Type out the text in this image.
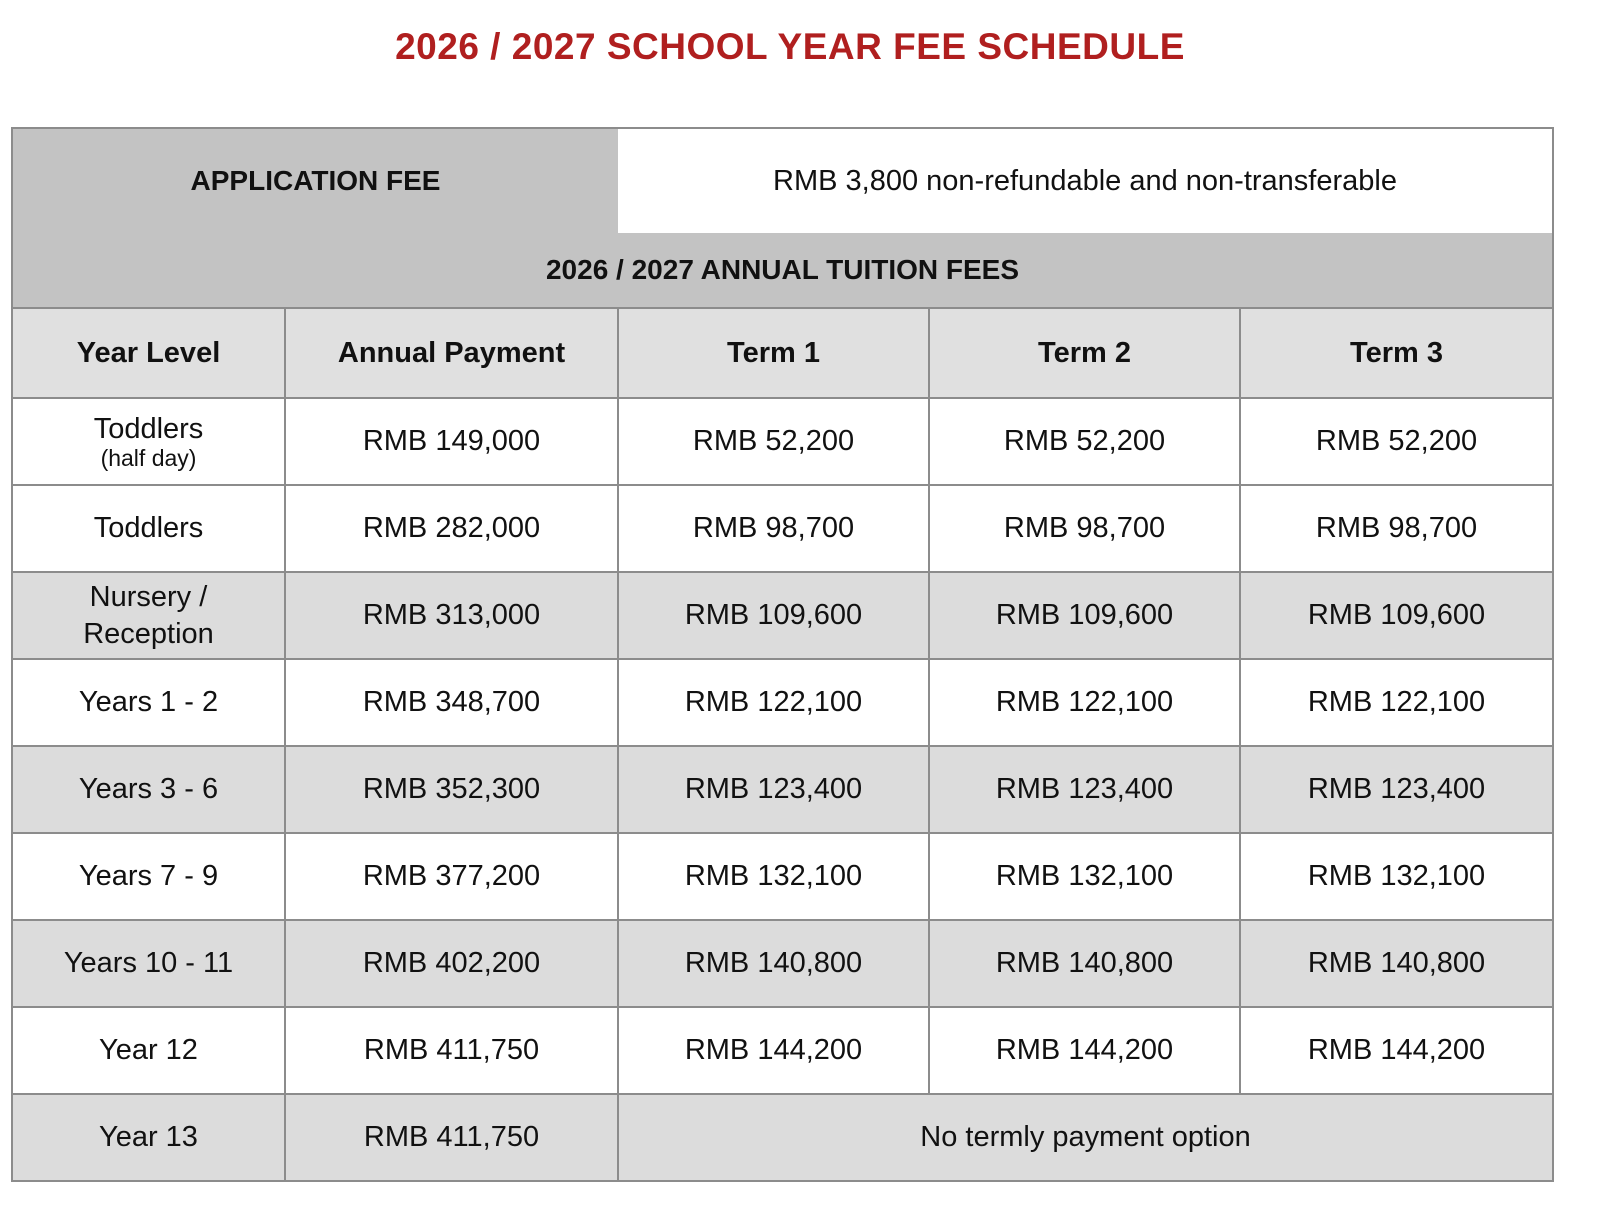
2026 / 2027 SCHOOL YEAR FEE SCHEDULE
APPLICATION FEE		RMB 3,800 non-refundable and non-transferable		
2026 / 2027 ANNUAL TUITION FEES				
Year Level	Annual Payment	Term 1	Term 2	Term 3

Toddlers
(half day)	RMB 149,000	RMB 52,200	RMB 52,200	RMB 52,200
Toddlers	RMB 282,000	RMB 98,700	RMB 98,700	RMB 98,700

Nursery /
Reception	RMB 313,000	RMB 109,600	RMB 109,600	RMB 109,600
Years 1 - 2	RMB 348,700	RMB 122,100	RMB 122,100	RMB 122,100
Years 3 - 6	RMB 352,300	RMB 123,400	RMB 123,400	RMB 123,400
Years 7 - 9	RMB 377,200	RMB 132,100	RMB 132,100	RMB 132,100
Years 10 - 11	RMB 402,200	RMB 140,800	RMB 140,800	RMB 140,800
Year 12	RMB 411,750	RMB 144,200	RMB 144,200	RMB 144,200
Year 13	RMB 411,750	No termly payment option		
